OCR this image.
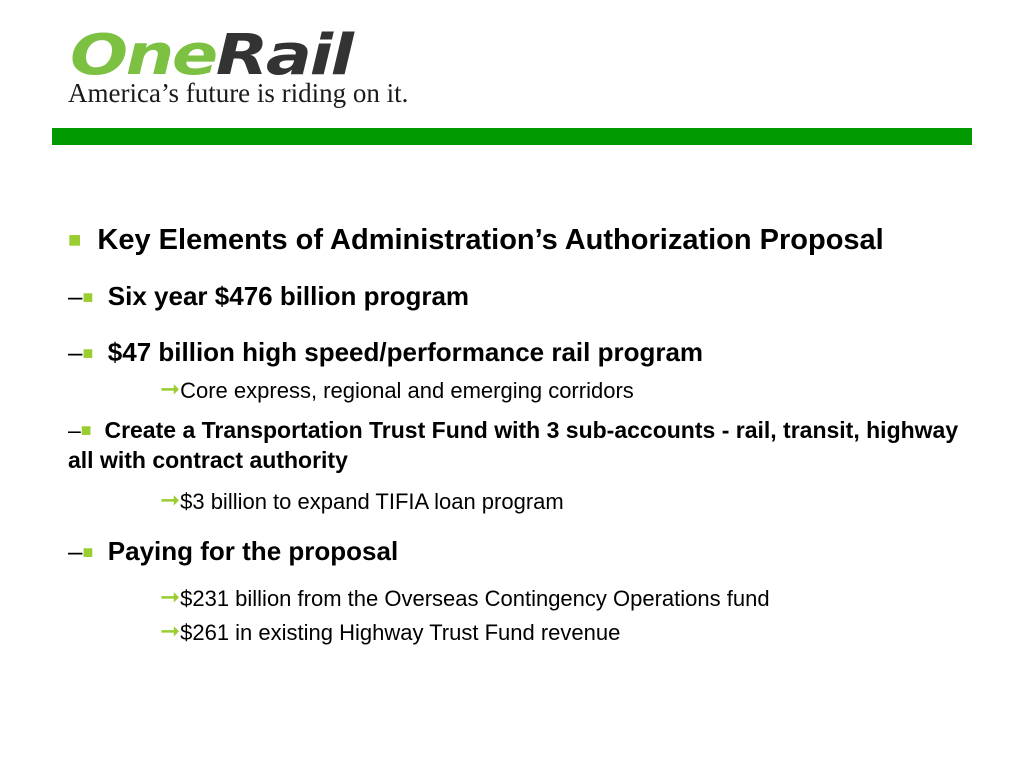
OneRail
America’s future is riding on it.

■ Key Elements of Administration’s Authorization Proposal

–■ Six year $476 billion program

–■ $47 billion high speed/performance rail program

➞Core express, regional and emerging corridors

–■ Create a Transportation Trust Fund with 3 sub-accounts - rail, transit, highway all with contract authority

➞$3 billion to expand TIFIA loan program

–■ Paying for the proposal

➞$231 billion from the Overseas Contingency Operations fund

➞$261 in existing Highway Trust Fund revenue
